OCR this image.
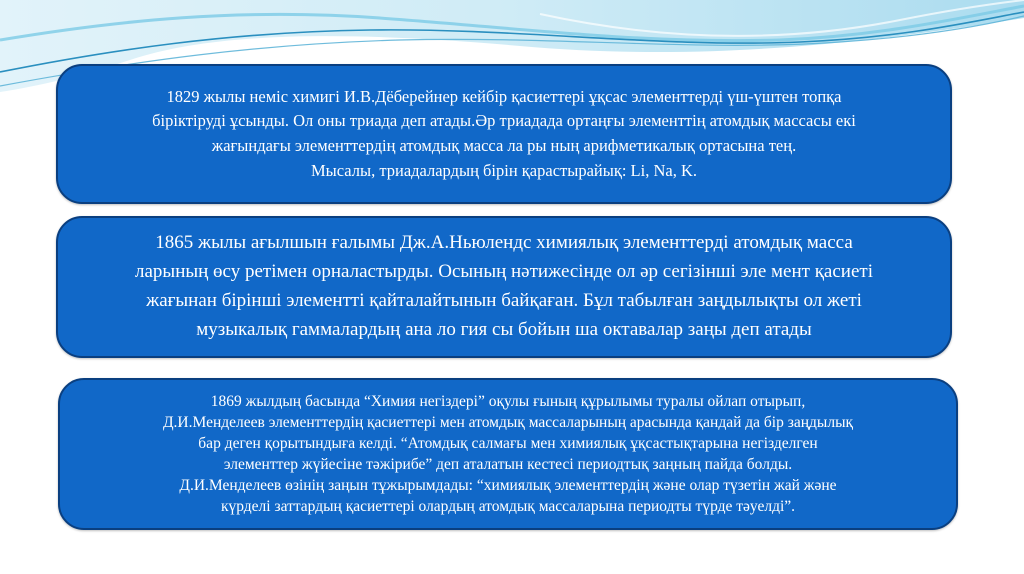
1829 жылы неміс химигі И.В.Дёберейнер кейбір қасиеттері ұқсас элементтерді үш-үштен топқа
біріктіруді ұсынды. Ол оны триада деп атады.Әр триадада ортаңғы элементтің атомдық массасы екі
жағындағы элементтердің атомдық масса ла ры ның арифметикалық ортасына тең.
Мысалы, триадалардың бірін қарастырайық: Li, Na, K.

1865 жылы ағылшын ғалымы Дж.А.Ньюлендс химиялық элементтерді атомдық масса
ларының өсу ретімен орналастырды. Осының нәтижесінде ол әр сегізінші эле мент қасиеті
жағынан бірінші элементті қайталайтынын байқаған. Бұл табылған заңдылықты ол жеті
музыкалық гаммалардың ана ло гия сы бойын ша октавалар заңы деп атады

1869 жылдың басында “Химия негіздері” оқулы ғының құрылымы туралы ойлап отырып,
Д.И.Менделеев элементтердің қасиеттері мен атомдық массаларының арасында қандай да бір заңдылық
бар деген қорытындыға келді. “Атомдық салмағы мен химиялық ұқсастықтарына негізделген
элементтер жүйесіне тәжірибе” деп аталатын кестесі периодтық заңның пайда болды.
Д.И.Менделеев өзінің заңын тұжырымдады: “химиялық элементтердің және олар түзетін жай және
күрделі заттардың қасиеттері олардың атомдық массаларына периодты түрде тәуелді”.
